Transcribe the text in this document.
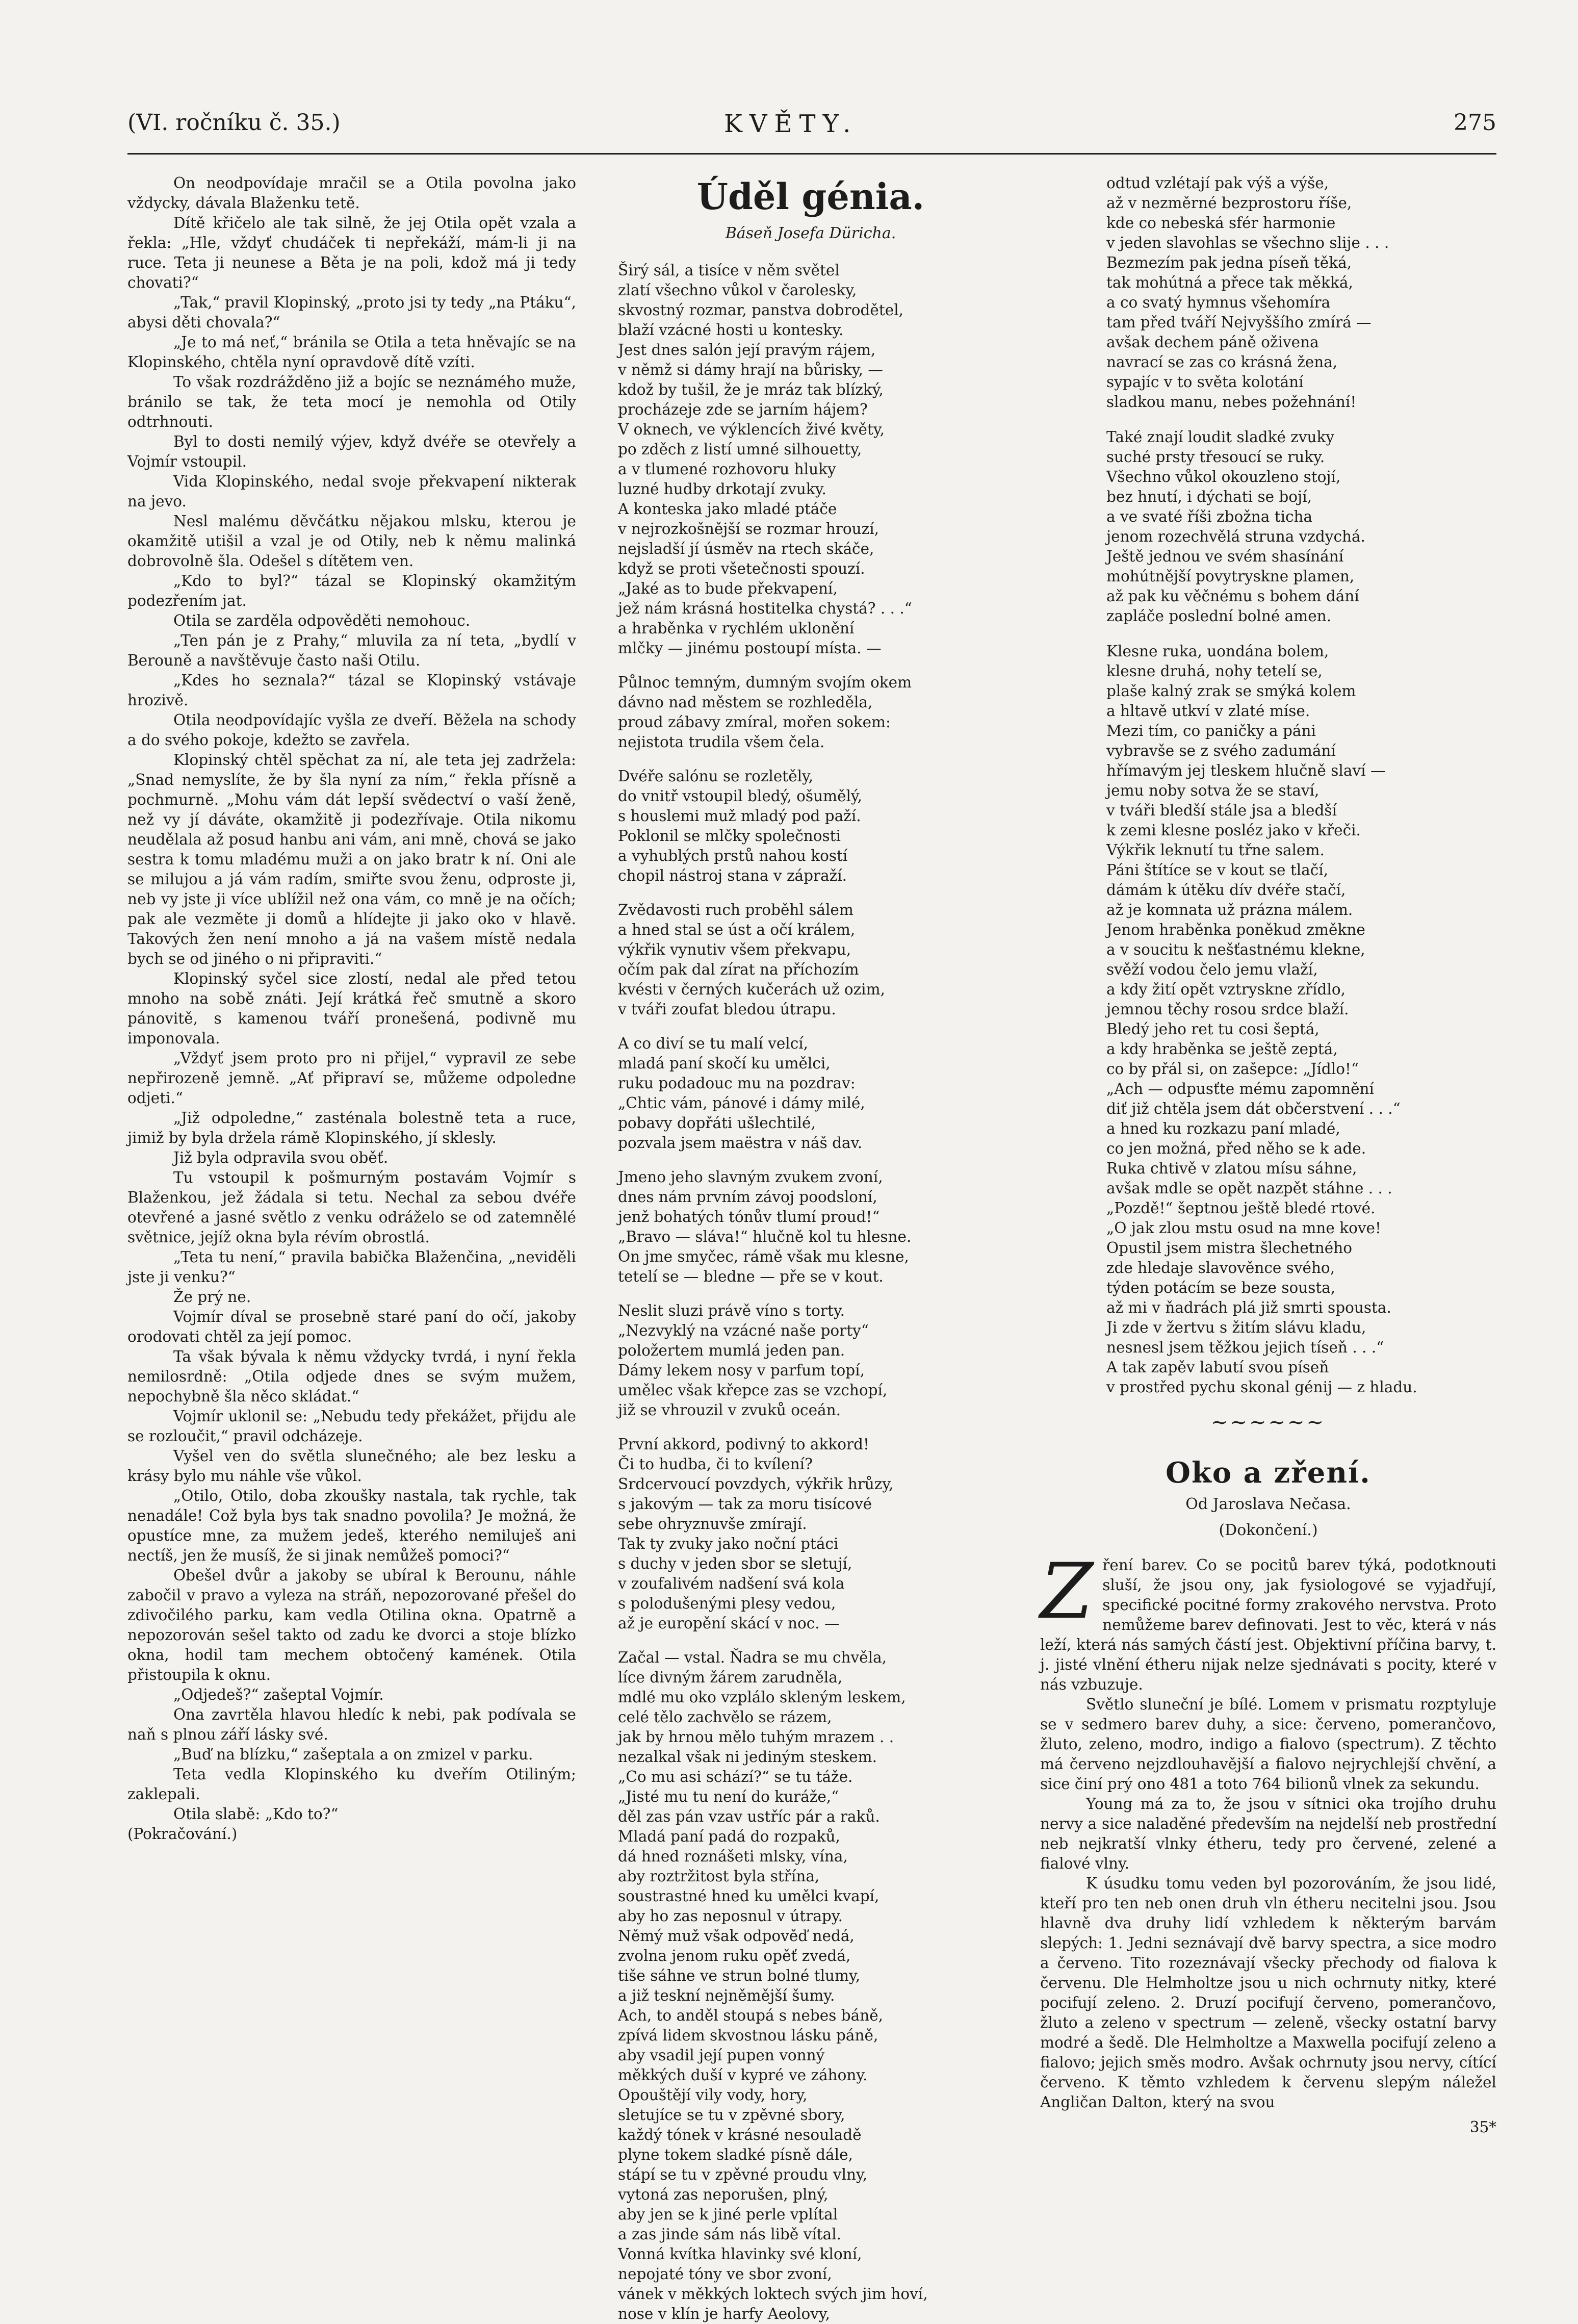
(VI. ročníku č. 35.)	KVĚTY.	275

On neodpovídaje mračil se a Otila povolna jako vždycky, dávala Blaženku tetě.

Dítě křičelo ale tak silně, že jej Otila opět vzala a řekla: „Hle, vždyť chudáček ti nepřekáží, mám-li ji na ruce. Teta ji neunese a Běta je na poli, kdož má ji tedy chovati?“

„Tak,“ pravil Klopinský, „proto jsi ty tedy „na Ptáku“, abysi děti chovala?“

„Je to má neť,“ bránila se Otila a teta hněvajíc se na Klopinského, chtěla nyní opravdově dítě vzíti.

To však rozdrážděno již a bojíc se neznámého muže, bránilo se tak, že teta mocí je nemohla od Otily odtrhnouti.

Byl to dosti nemilý výjev, když dvéře se otevřely a Vojmír vstoupil.

Vida Klopinského, nedal svoje překvapení nikterak na jevo.

Nesl malému děvčátku nějakou mlsku, kterou je okamžitě utišil a vzal je od Otily, neb k němu malinká dobrovolně šla. Odešel s dítětem ven.

„Kdo to byl?“ tázal se Klopinský okamžitým podezřením jat.

Otila se zarděla odpověděti nemohouc.

„Ten pán je z Prahy,“ mluvila za ní teta, „bydlí v Berouně a navštěvuje často naši Otilu.

„Kdes ho seznala?“ tázal se Klopinský vstávaje hrozivě.

Otila neodpovídajíc vyšla ze dveří. Běžela na schody a do svého pokoje, kdežto se zavřela.

Klopinský chtěl spěchat za ní, ale teta jej zadržela: „Snad nemyslíte, že by šla nyní za ním,“ řekla přísně a pochmurně. „Mohu vám dát lepší svědectví o vaší ženě, než vy jí dáváte, okamžitě ji podezřívaje. Otila nikomu neudělala až posud hanbu ani vám, ani mně, chová se jako sestra k tomu mladému muži a on jako bratr k ní. Oni ale se milujou a já vám radím, smiřte svou ženu, odproste ji, neb vy jste ji více ublížil než ona vám, co mně je na očích; pak ale vezměte ji domů a hlídejte ji jako oko v hlavě. Takových žen není mnoho a já na vašem místě nedala bych se od jiného o ni připraviti.“

Klopinský syčel sice zlostí, nedal ale před tetou mnoho na sobě znáti. Její krátká řeč smutně a skoro pánovitě, s kamenou tváří pronešená, podivně mu imponovala.

„Vždyť jsem proto pro ni přijel,“ vypravil ze sebe nepřirozeně jemně. „Ať připraví se, můžeme odpoledne odjeti.“

„Již odpoledne,“ zasténala bolestně teta a ruce, jimiž by byla držela rámě Klopinského, jí sklesly.

Již byla odpravila svou oběť.

Tu vstoupil k pošmurným postavám Vojmír s Blaženkou, jež žádala si tetu. Nechal za sebou dvéře otevřené a jasné světlo z venku odráželo se od zatemnělé světnice, jejíž okna byla révím obrostlá.

„Teta tu není,“ pravila babička Blaženčina, „neviděli jste ji venku?“

Že prý ne.

Vojmír díval se prosebně staré paní do očí, jakoby orodovati chtěl za její pomoc.

Ta však bývala k němu vždycky tvrdá, i nyní řekla nemilosrdně: „Otila odjede dnes se svým mužem, nepochybně šla něco skládat.“

Vojmír uklonil se: „Nebudu tedy překážet, přijdu ale se rozloučit,“ pravil odcházeje.

Vyšel ven do světla slunečného; ale bez lesku a krásy bylo mu náhle vše vůkol.

„Otilo, Otilo, doba zkoušky nastala, tak rychle, tak nenadále! Což byla bys tak snadno povolila? Je možná, že opustíce mne, za mužem jedeš, kterého nemiluješ ani nectíš, jen že musíš, že si jinak nemůžeš pomoci?“

Obešel dvůr a jakoby se ubíral k Berounu, náhle zabočil v pravo a vyleza na stráň, nepozorované přešel do zdivočilého parku, kam vedla Otilina okna. Opatrně a nepozorován sešel takto od zadu ke dvorci a stoje blízko okna, hodil tam mechem obtočený kamének. Otila přistoupila k oknu.

„Odjedeš?“ zašeptal Vojmír.

Ona zavrtěla hlavou hledíc k nebi, pak podívala se naň s plnou září lásky své.

„Buď na blízku,“ zašeptala a on zmizel v parku.

Teta vedla Klopinského ku dveřím Otiliným; zaklepali.

Otila slabě: „Kdo to?“

(Pokračování.)

Úděl génia.
Báseň Josefa Düricha.
Širý sál, a tisíce v něm světel
zlatí všechno vůkol v čarolesky,
skvostný rozmar, panstva dobrodětel,
blaží vzácné hosti u kontesky.
Jest dnes salón její pravým rájem,
v němž si dámy hrají na bůrisky, —
kdož by tušil, že je mráz tak blízký,
procházeje zde se jarním hájem?
V oknech, ve výklencích živé květy,
po zděch z listí umné silhouetty,
a v tlumené rozhovoru hluky
luzné hudby drkotají zvuky.
A konteska jako mladé ptáče
v nejrozkošnější se rozmar hrouzí,
nejsladší jí úsměv na rtech skáče,
když se proti všetečnosti spouzí.
„Jaké as to bude překvapení,
jež nám krásná hostitelka chystá? . . .“
a hraběnka v rychlém uklonění
mlčky — jinému postoupí místa. —
Půlnoc temným, dumným svojím okem
dávno nad městem se rozhleděla,
proud zábavy zmíral, mořen sokem:
nejistota trudila všem čela.
Dvéře salónu se rozletěly,
do vnitř vstoupil bledý, ošumělý,
s houslemi muž mladý pod paží.
Poklonil se mlčky společnosti
a vyhublých prstů nahou kostí
chopil nástroj stana v zápraží.
Zvědavosti ruch proběhl sálem
a hned stal se úst a očí králem,
výkřik vynutiv všem překvapu,
očím pak dal zírat na příchozím
kvésti v černých kučerách už ozim,
v tváři zoufat bledou útrapu.
A co diví se tu malí velcí,
mladá paní skočí ku umělci,
ruku podadouc mu na pozdrav:
„Chtic vám, pánové i dámy milé,
pobavy dopřáti ušlechtilé,
pozvala jsem maëstra v náš dav.
Jmeno jeho slavným zvukem zvoní,
dnes nám prvním závoj poodsloní,
jenž bohatých tónův tlumí proud!“
„Bravo — sláva!“ hlučně kol tu hlesne.
On jme smyčec, rámě však mu klesne,
tetelí se — bledne — pře se v kout.
Neslit sluzi právě víno s torty.
„Nezvyklý na vzácné naše porty“
položertem mumlá jeden pan.
Dámy lekem nosy v parfum topí,
umělec však křepce zas se vzchopí,
již se vhrouzil v zvuků oceán.
První akkord, podivný to akkord!
Či to hudba, či to kvílení?
Srdcervoucí povzdych, výkřik hrůzy,
s jakovým — tak za moru tisícové
sebe ohryznuvše zmírají.
Tak ty zvuky jako noční ptáci
s duchy v jeden sbor se sletují,
v zoufalivém nadšení svá kola
s polodušenými plesy vedou,
až je europění skácí v noc. —
Začal — vstal. Ňadra se mu chvěla,
líce divným žárem zarudněla,
mdlé mu oko vzplálo skleným leskem,
celé tělo zachvělo se rázem,
jak by hrnou mělo tuhým mrazem . .
nezalkal však ni jediným steskem.
„Co mu asi schází?“ se tu táže.
„Jisté mu tu není do kuráže,“
děl zas pán vzav ustříc pár a raků.
Mladá paní padá do rozpaků,
dá hned roznášeti mlsky, vína,
aby roztržitost byla střína,
soustrastné hned ku umělci kvapí,
aby ho zas neposnul v útrapy.
Němý muž však odpověď nedá,
zvolna jenom ruku opěť zvedá,
tiše sáhne ve strun bolné tlumy,
a již teskní nejněmější šumy.
Ach, to anděl stoupá s nebes báně,
zpívá lidem skvostnou lásku páně,
aby vsadil její pupen vonný
měkkých duší v kypré ve záhony.
Opouštějí vily vody, hory,
sletujíce se tu v zpěvné sbory,
každý tónek v krásné nesouladě
plyne tokem sladké písně dále,
stápí se tu v zpěvné proudu vlny,
vytoná zas neporušen, plný,
aby jen se k jiné perle vplítal
a zas jinde sám nás libě vítal.
Vonná kvítka hlavinky své kloní,
nepojaté tóny ve sbor zvoní,
vánek v měkkých loktech svých jim hoví,
nose v klín je harfy Aeolovy,
odtud vzlétají pak výš a výše,
až v nezměrné bezprostoru říše,
kde co nebeská sfér harmonie
v jeden slavohlas se všechno slije . . .
Bezmezím pak jedna píseň těká,
tak mohútná a přece tak měkká,
a co svatý hymnus všehomíra
tam před tváří Nejvyššího zmírá —
avšak dechem páně oživena
navrací se zas co krásná žena,
sypajíc v to světa kolotání
sladkou manu, nebes požehnání!
Také znají loudit sladké zvuky
suché prsty třesoucí se ruky.
Všechno vůkol okouzleno stojí,
bez hnutí, i dýchati se bojí,
a ve svaté říši zbožna ticha
jenom rozechvělá struna vzdychá.
Ještě jednou ve svém shasínání
mohútnější povytryskne plamen,
až pak ku věčnému s bohem dání
zapláče poslední bolné amen.
Klesne ruka, uondána bolem,
klesne druhá, nohy tetelí se,
plaše kalný zrak se smýká kolem
a hltavě utkví v zlaté míse.
Mezi tím, co paničky a páni
vybravše se z svého zadumání
hřímavým jej tleskem hlučně slaví —
jemu noby sotva že se staví,
v tváři bledší stále jsa a bledší
k zemi klesne posléz jako v křeči.
Výkřik leknutí tu třne salem.
Páni štítíce se v kout se tlačí,
dámám k útěku dív dvéře stačí,
až je komnata už prázna málem.
Jenom hraběnka poněkud změkne
a v soucitu k nešťastnému klekne,
svěží vodou čelo jemu vlaží,
a kdy žití opět vztryskne zřídlo,
jemnou těchy rosou srdce blaží.
Bledý jeho ret tu cosi šeptá,
a kdy hraběnka se ještě zeptá,
co by přál si, on zašepce: „Jídlo!“
„Ach — odpusťte mému zapomnění
diť již chtěla jsem dát občerstvení . . .“
a hned ku rozkazu paní mladé,
co jen možná, před něho se k ade.
Ruka chtivě v zlatou mísu sáhne,
avšak mdle se opět nazpět stáhne . . .
„Pozdě!“ šeptnou ještě bledé rtové.
„O jak zlou mstu osud na mne kove!
Opustil jsem mistra šlechetného
zde hledaje slavověnce svého,
týden potácím se beze sousta,
až mi v ňadrách plá již smrti spousta.
Ji zde v žertvu s žitím slávu kladu,
nesnesl jsem těžkou jejich tíseň . . .“
A tak zapěv labutí svou píseň
v prostřed pychu skonal génij — z hladu.
~~~~~~
Oko a zření.
Od Jaroslava Nečasa.
(Dokončení.)

Zření barev. Co se pocitů barev týká, podotknouti sluší, že jsou ony, jak fysiologové se vyjadřují, specifické pocitné formy zrakového nervstva. Proto nemůžeme barev definovati. Jest to věc, která v nás leží, která nás samých částí jest. Objektivní příčina barvy, t. j. jisté vlnění étheru nijak nelze sjednávati s pocity, které v nás vzbuzuje.

Světlo sluneční je bílé. Lomem v prismatu rozptyluje se v sedmero barev duhy, a sice: červeno, pomerančovo, žluto, zeleno, modro, indigo a fialovo (spectrum). Z těchto má červeno nejzdlouhavější a fialovo nejrychlejší chvění, a sice činí prý ono 481 a toto 764 bilionů vlnek za sekundu.

Young má za to, že jsou v sítnici oka trojího druhu nervy a sice naladěné především na nejdelší neb prostřední neb nejkratší vlnky étheru, tedy pro červené, zelené a fialové vlny.

K úsudku tomu veden byl pozorováním, že jsou lidé, kteří pro ten neb onen druh vln étheru necitelni jsou. Jsou hlavně dva druhy lidí vzhledem k některým barvám slepých: 1. Jedni seznávají dvě barvy spectra, a sice modro a červeno. Tito rozeznávají všecky přechody od fialova k červenu. Dle Helmholtze jsou u nich ochrnuty nitky, které pocifují zeleno. 2. Druzí pocifují červeno, pomerančovo, žluto a zeleno v spectrum — zeleně, všecky ostatní barvy modré a šedě. Dle Helmholtze a Maxwella pocifují zeleno a fialovo; jejich směs modro. Avšak ochrnuty jsou nervy, cítící červeno. K těmto vzhledem k červenu slepým náležel Angličan Dalton, který na svou

35*
